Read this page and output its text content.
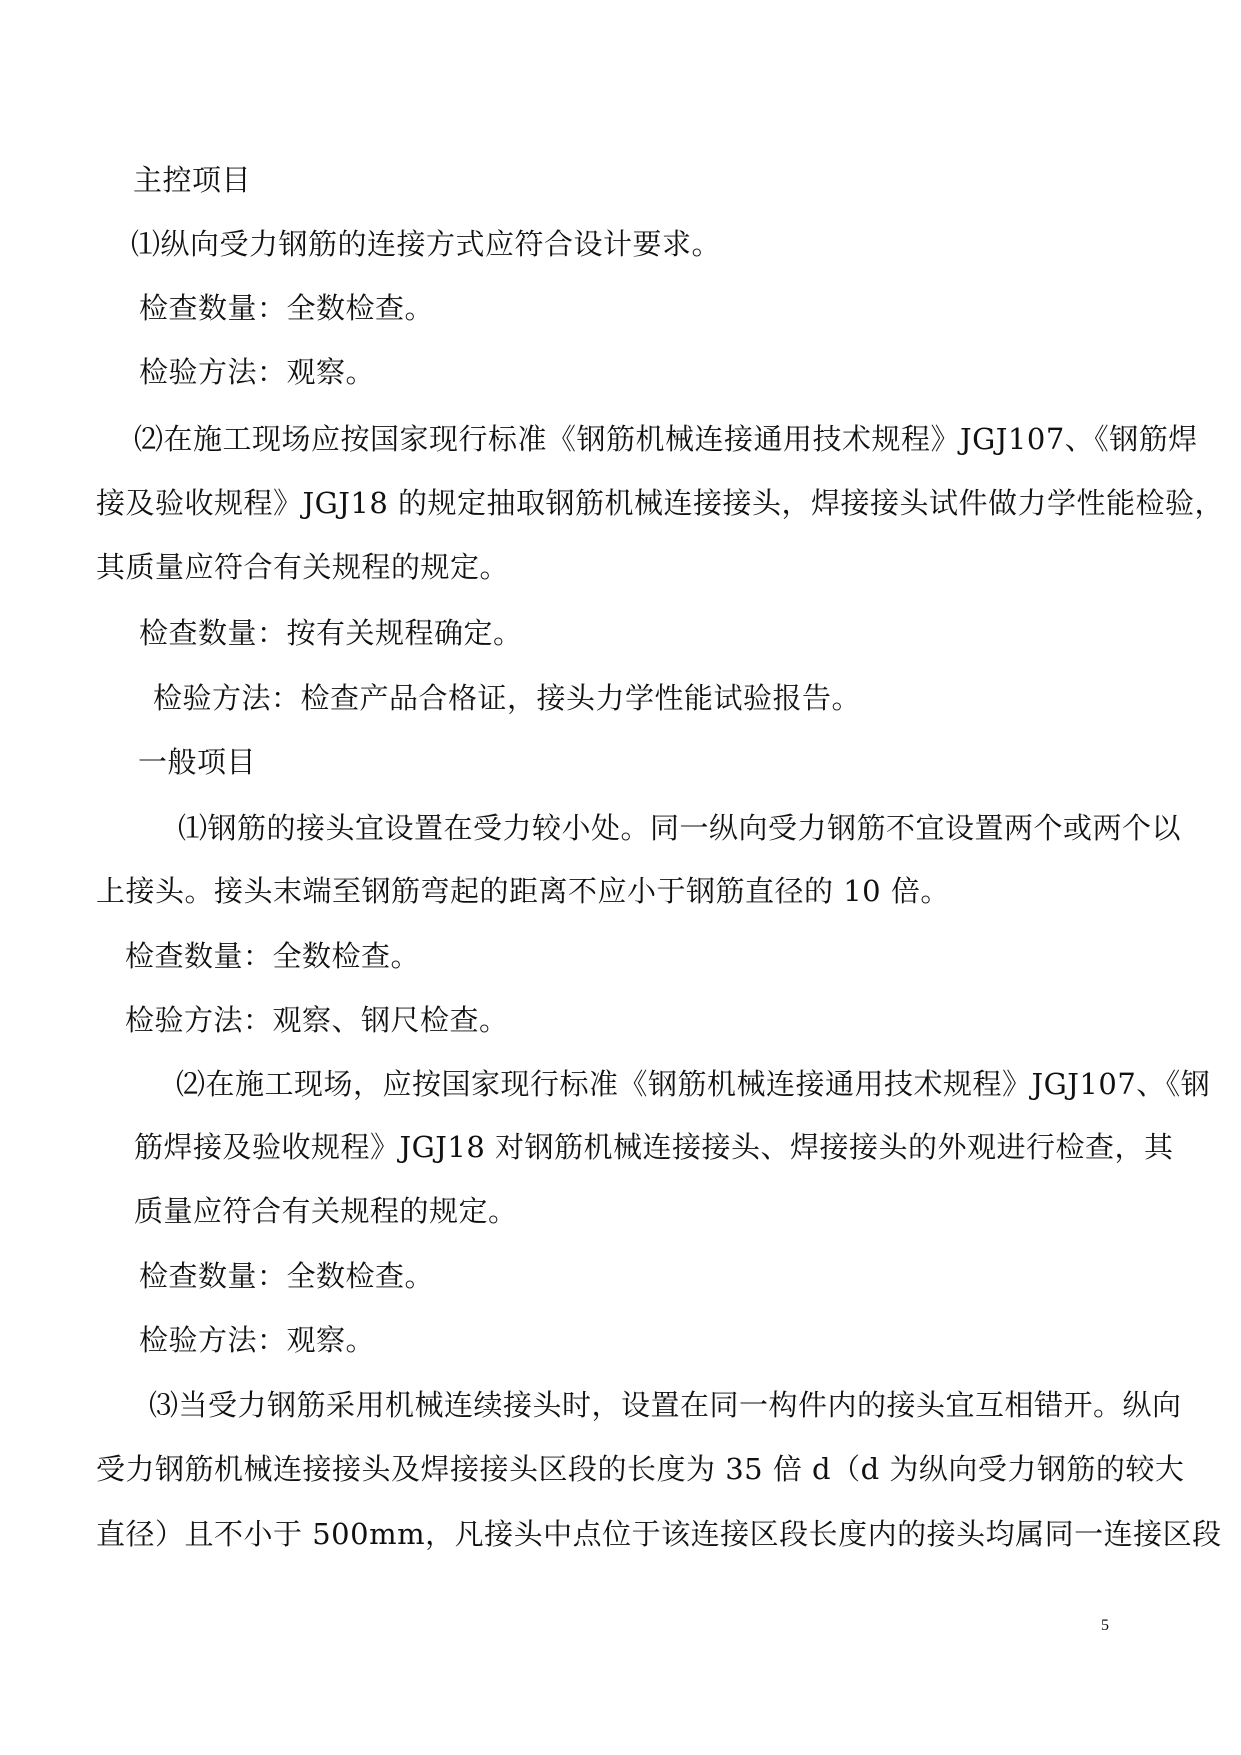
主控项目
⑴纵向受力钢筋的连接方式应符合设计要求。
检查数量：全数检查。
检验方法：观察。
⑵在施工现场应按国家现行标准《钢筋机械连接通用技术规程》JGJ107、《钢筋焊
接及验收规程》JGJ18 的规定抽取钢筋机械连接接头，焊接接头试件做力学性能检验，
其质量应符合有关规程的规定。
检查数量：按有关规程确定。
检验方法：检查产品合格证，接头力学性能试验报告。
一般项目
⑴钢筋的接头宜设置在受力较小处。同一纵向受力钢筋不宜设置两个或两个以
上接头。接头末端至钢筋弯起的距离不应小于钢筋直径的 10 倍。
检查数量：全数检查。
检验方法：观察、钢尺检查。
⑵在施工现场，应按国家现行标准《钢筋机械连接通用技术规程》JGJ107、《钢
筋焊接及验收规程》JGJ18 对钢筋机械连接接头、焊接接头的外观进行检查，其
质量应符合有关规程的规定。
检查数量：全数检查。
检验方法：观察。
⑶当受力钢筋采用机械连续接头时，设置在同一构件内的接头宜互相错开。纵向
受力钢筋机械连接接头及焊接接头区段的长度为 35 倍 d（d 为纵向受力钢筋的较大
直径）且不小于 500mm，凡接头中点位于该连接区段长度内的接头均属同一连接区段
5
